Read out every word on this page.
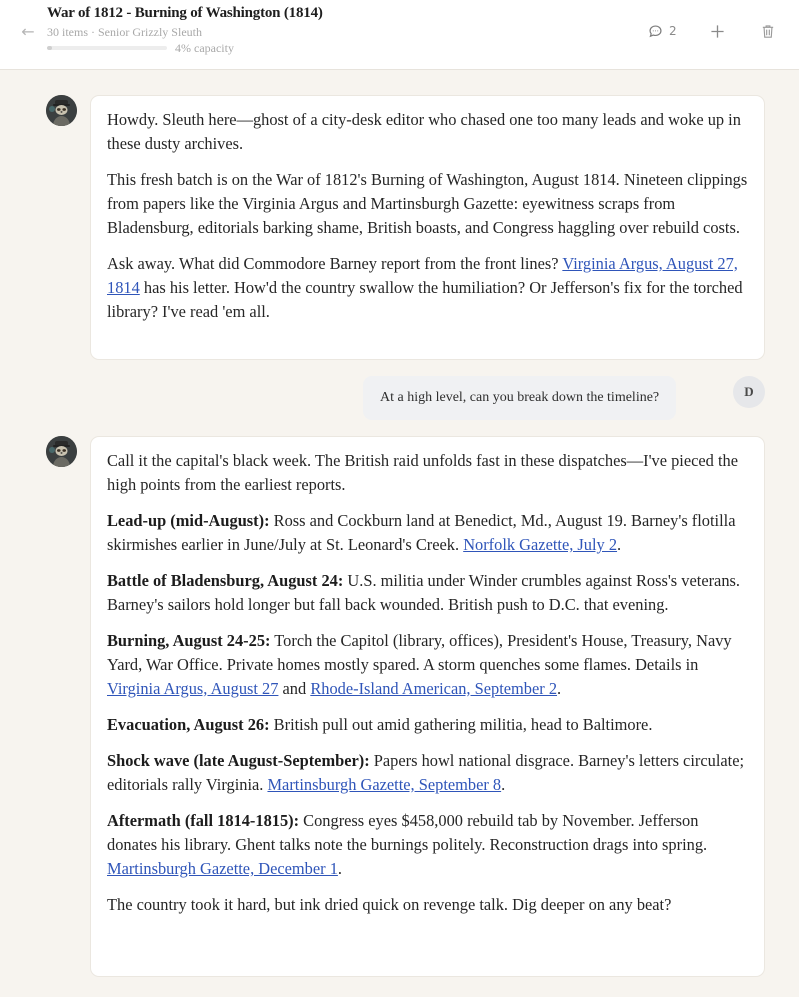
←
War of 1812 - Burning of Washington (1814)
30 items · Senior Grizzly Sleuth
4% capacity
2

Howdy. Sleuth here—ghost of a city-desk editor who chased one too many leads and woke up in these dusty archives.

This fresh batch is on the War of 1812's Burning of Washington, August 1814. Nineteen clippings from papers like the Virginia Argus and Martinsburgh Gazette: eyewitness scraps from Bladensburg, editorials barking shame, British boasts, and Congress haggling over rebuild costs.

Ask away. What did Commodore Barney report from the front lines? Virginia Argus, August 27, 1814 has his letter. How'd the country swallow the humiliation? Or Jefferson's fix for the torched library? I've read 'em all.

At a high level, can you break down the timeline?	D

Call it the capital's black week. The British raid unfolds fast in these dispatches—I've pieced the high points from the earliest reports.

Lead-up (mid-August): Ross and Cockburn land at Benedict, Md., August 19. Barney's flotilla skirmishes earlier in June/July at St. Leonard's Creek. Norfolk Gazette, July 2.

Battle of Bladensburg, August 24: U.S. militia under Winder crumbles against Ross's veterans. Barney's sailors hold longer but fall back wounded. British push to D.C. that evening.

Burning, August 24-25: Torch the Capitol (library, offices), President's House, Treasury, Navy Yard, War Office. Private homes mostly spared. A storm quenches some flames. Details in Virginia Argus, August 27 and Rhode-Island American, September 2.

Evacuation, August 26: British pull out amid gathering militia, head to Baltimore.

Shock wave (late August-September): Papers howl national disgrace. Barney's letters circulate; editorials rally Virginia. Martinsburgh Gazette, September 8.

Aftermath (fall 1814-1815): Congress eyes $458,000 rebuild tab by November. Jefferson donates his library. Ghent talks note the burnings politely. Reconstruction drags into spring. Martinsburgh Gazette, December 1.

The country took it hard, but ink dried quick on revenge talk. Dig deeper on any beat?
